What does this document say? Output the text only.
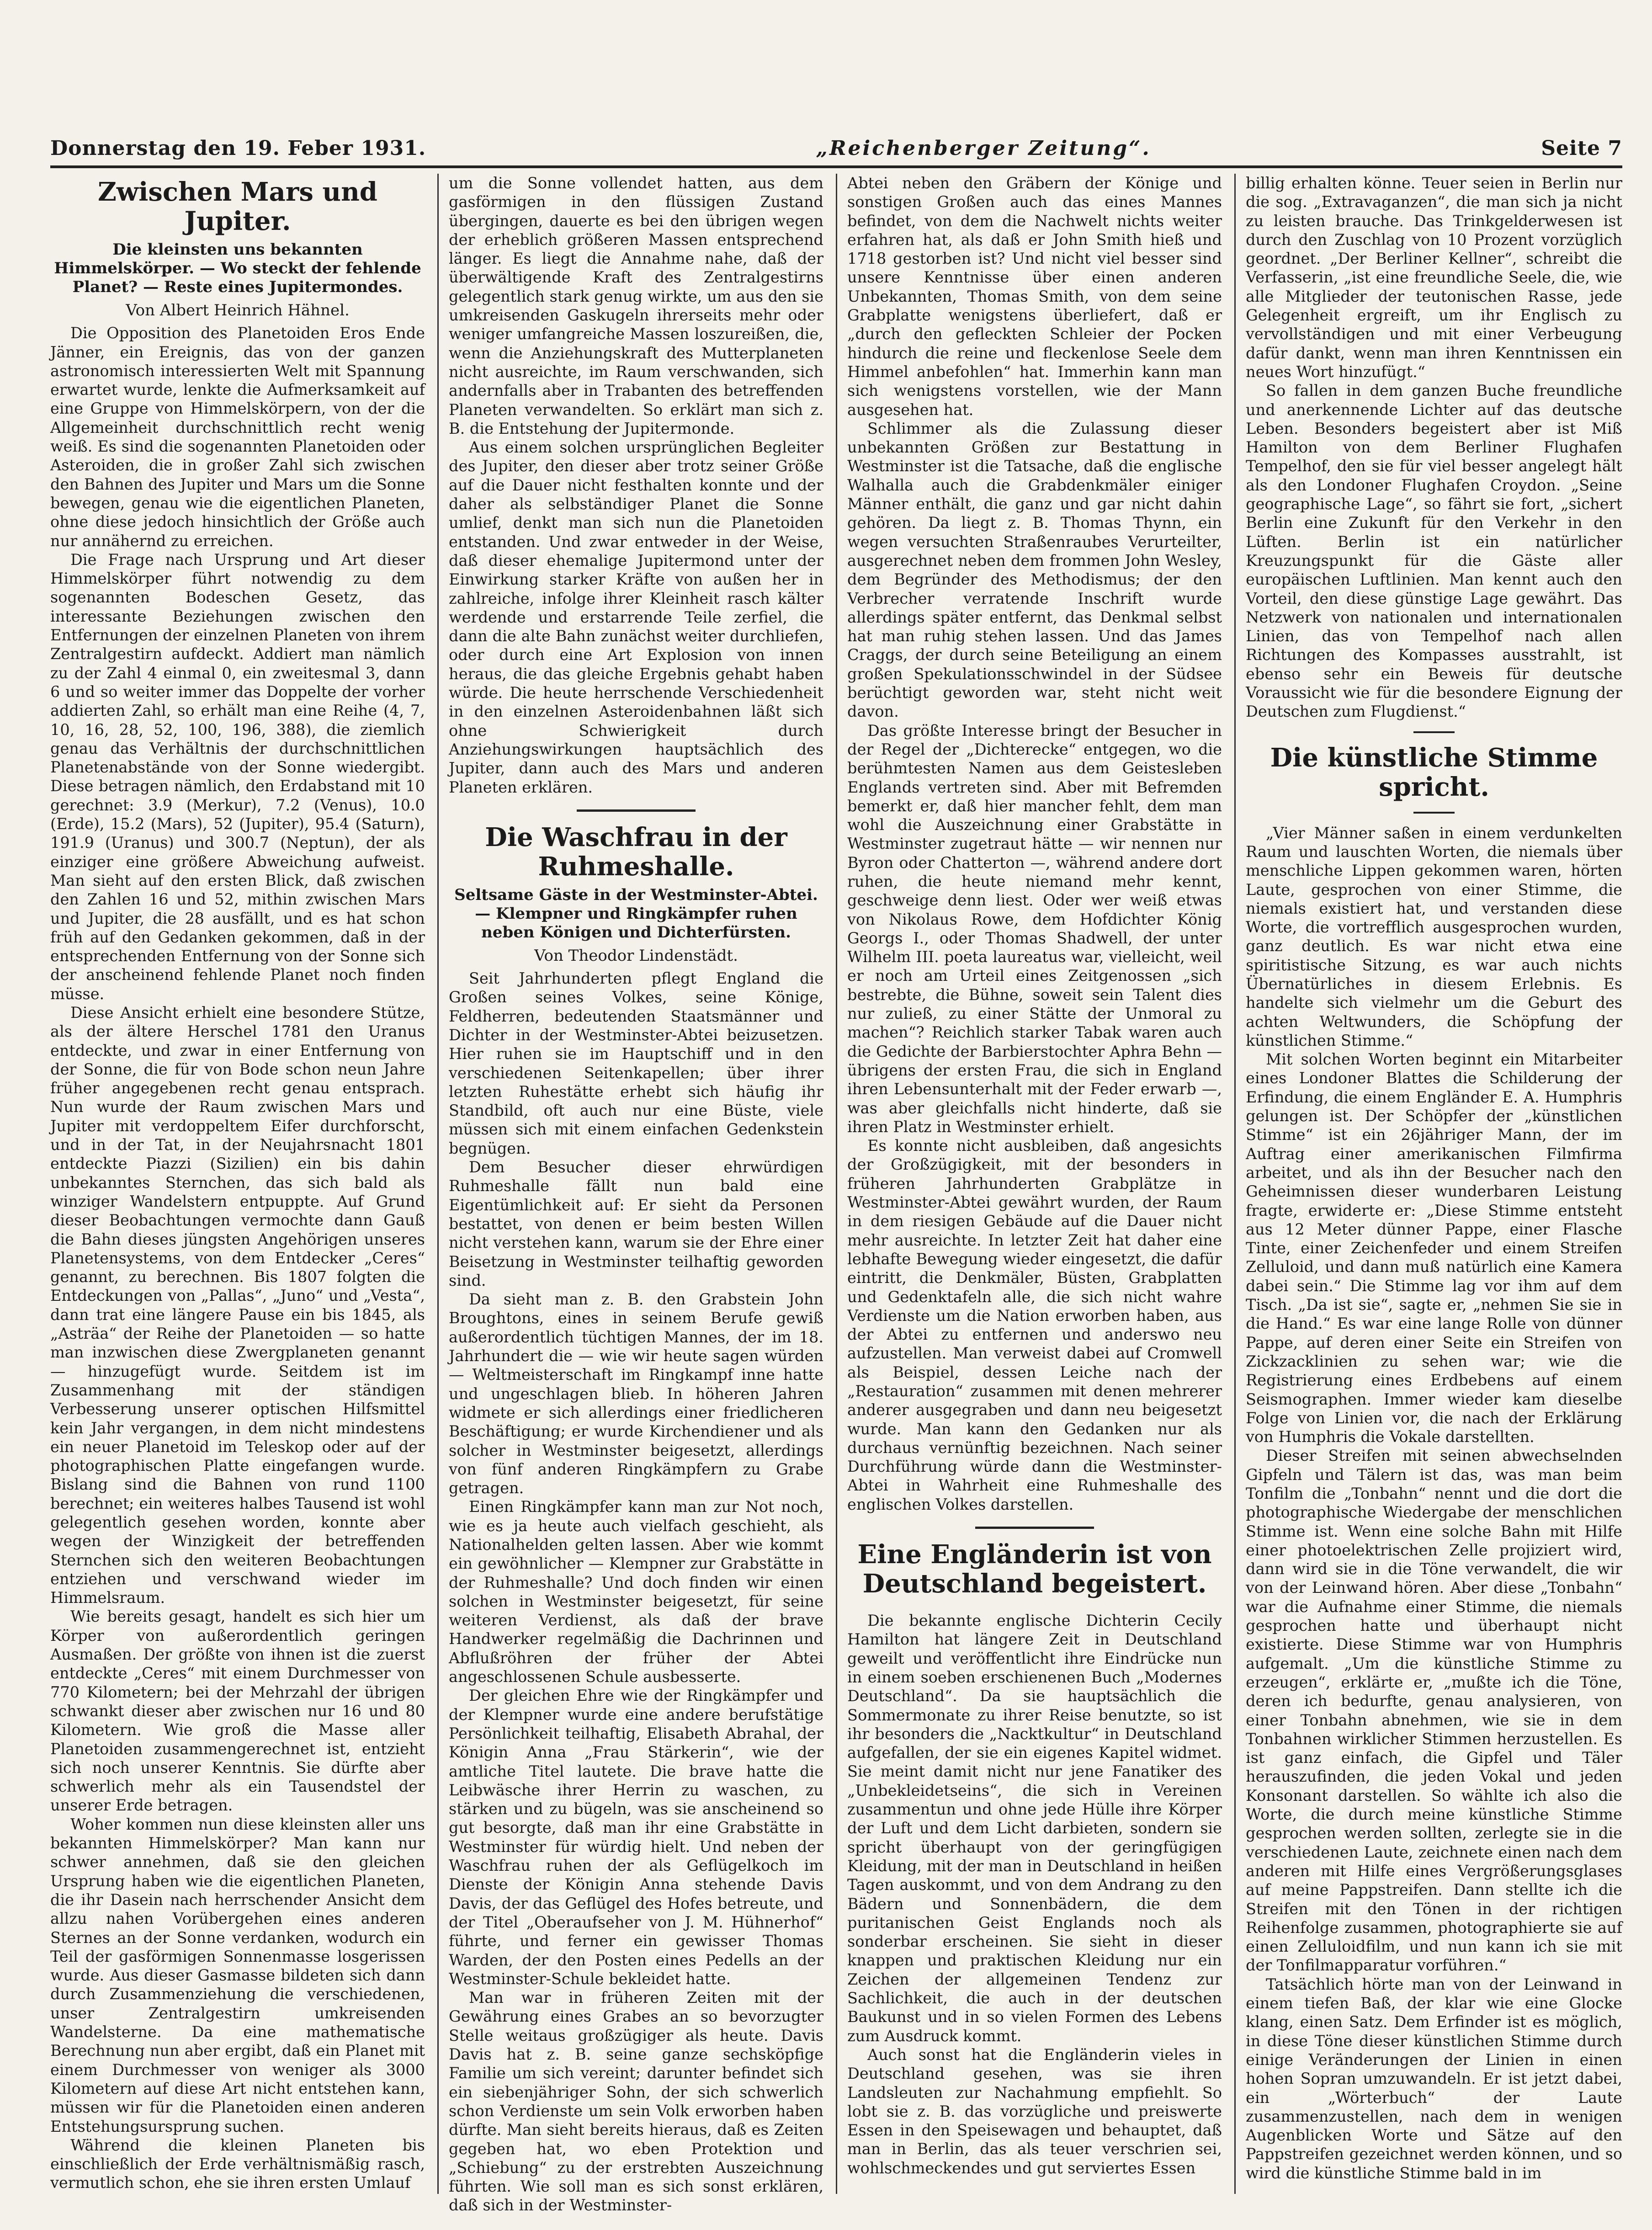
Donnerstag den 19. Feber 1931.	„Reichenberger Zeitung“.	Seite 7
Zwischen Mars und Jupiter.
Die kleinsten uns bekannten Himmelskörper. — Wo steckt der fehlende Planet? — Reste eines Jupitermondes.
Von Albert Heinrich Hähnel.

Die Opposition des Planetoiden Eros Ende Jänner, ein Ereignis, das von der ganzen astronomisch interessierten Welt mit Spannung erwartet wurde, lenkte die Aufmerksamkeit auf eine Gruppe von Himmelskörpern, von der die Allgemeinheit durchschnittlich recht wenig weiß. Es sind die sogenannten Planetoiden oder Asteroiden, die in großer Zahl sich zwischen den Bahnen des Jupiter und Mars um die Sonne bewegen, genau wie die eigentlichen Planeten, ohne diese jedoch hinsichtlich der Größe auch nur annähernd zu erreichen.

Die Frage nach Ursprung und Art dieser Himmelskörper führt notwendig zu dem sogenannten Bodeschen Gesetz, das interessante Beziehungen zwischen den Entfernungen der einzelnen Planeten von ihrem Zentralgestirn aufdeckt. Addiert man nämlich zu der Zahl 4 einmal 0, ein zweitesmal 3, dann 6 und so weiter immer das Doppelte der vorher addierten Zahl, so erhält man eine Reihe (4, 7, 10, 16, 28, 52, 100, 196, 388), die ziemlich genau das Verhältnis der durchschnittlichen Planetenabstände von der Sonne wiedergibt. Diese betragen nämlich, den Erdabstand mit 10 gerechnet: 3.9 (Merkur), 7.2 (Venus), 10.0 (Erde), 15.2 (Mars), 52 (Jupiter), 95.4 (Saturn), 191.9 (Uranus) und 300.7 (Neptun), der als einziger eine größere Abweichung aufweist. Man sieht auf den ersten Blick, daß zwischen den Zahlen 16 und 52, mithin zwischen Mars und Jupiter, die 28 ausfällt, und es hat schon früh auf den Gedanken gekommen, daß in der entsprechenden Entfernung von der Sonne sich der anscheinend fehlende Planet noch finden müsse.

Diese Ansicht erhielt eine besondere Stütze, als der ältere Herschel 1781 den Uranus entdeckte, und zwar in einer Entfernung von der Sonne, die für von Bode schon neun Jahre früher angegebenen recht genau entsprach. Nun wurde der Raum zwischen Mars und Jupiter mit verdoppeltem Eifer durchforscht, und in der Tat, in der Neujahrsnacht 1801 entdeckte Piazzi (Sizilien) ein bis dahin unbekanntes Sternchen, das sich bald als winziger Wandelstern entpuppte. Auf Grund dieser Beobachtungen vermochte dann Gauß die Bahn dieses jüngsten Angehörigen unseres Planetensystems, von dem Entdecker „Ceres“ genannt, zu berechnen. Bis 1807 folgten die Entdeckungen von „Pallas“, „Juno“ und „Vesta“, dann trat eine längere Pause ein bis 1845, als „Asträa“ der Reihe der Planetoiden — so hatte man inzwischen diese Zwergplaneten genannt — hinzugefügt wurde. Seitdem ist im Zusammenhang mit der ständigen Verbesserung unserer optischen Hilfsmittel kein Jahr vergangen, in dem nicht mindestens ein neuer Planetoid im Teleskop oder auf der photographischen Platte eingefangen wurde. Bislang sind die Bahnen von rund 1100 berechnet; ein weiteres halbes Tausend ist wohl gelegentlich gesehen worden, konnte aber wegen der Winzigkeit der betreffenden Sternchen sich den weiteren Beobachtungen entziehen und verschwand wieder im Himmelsraum.

Wie bereits gesagt, handelt es sich hier um Körper von außerordentlich geringen Ausmaßen. Der größte von ihnen ist die zuerst entdeckte „Ceres“ mit einem Durchmesser von 770 Kilometern; bei der Mehrzahl der übrigen schwankt dieser aber zwischen nur 16 und 80 Kilometern. Wie groß die Masse aller Planetoiden zusammengerechnet ist, entzieht sich noch unserer Kenntnis. Sie dürfte aber schwerlich mehr als ein Tausendstel der unserer Erde betragen.

Woher kommen nun diese kleinsten aller uns bekannten Himmelskörper? Man kann nur schwer annehmen, daß sie den gleichen Ursprung haben wie die eigentlichen Planeten, die ihr Dasein nach herrschender Ansicht dem allzu nahen Vorübergehen eines anderen Sternes an der Sonne verdanken, wodurch ein Teil der gasförmigen Sonnenmasse losgerissen wurde. Aus dieser Gasmasse bildeten sich dann durch Zusammenziehung die verschiedenen, unser Zentralgestirn umkreisenden Wandelsterne. Da eine mathematische Berechnung nun aber ergibt, daß ein Planet mit einem Durchmesser von weniger als 3000 Kilometern auf diese Art nicht entstehen kann, müssen wir für die Planetoiden einen anderen Entstehungsursprung suchen.

Während die kleinen Planeten bis einschließlich der Erde verhältnismäßig rasch, vermutlich schon, ehe sie ihren ersten Umlauf

um die Sonne vollendet hatten, aus dem gasförmigen in den flüssigen Zustand übergingen, dauerte es bei den übrigen wegen der erheblich größeren Massen entsprechend länger. Es liegt die Annahme nahe, daß der überwältigende Kraft des Zentralgestirns gelegentlich stark genug wirkte, um aus den sie umkreisenden Gaskugeln ihrerseits mehr oder weniger umfangreiche Massen loszureißen, die, wenn die Anziehungskraft des Mutterplaneten nicht ausreichte, im Raum verschwanden, sich andernfalls aber in Trabanten des betreffenden Planeten verwandelten. So erklärt man sich z. B. die Entstehung der Jupitermonde.

Aus einem solchen ursprünglichen Begleiter des Jupiter, den dieser aber trotz seiner Größe auf die Dauer nicht festhalten konnte und der daher als selbständiger Planet die Sonne umlief, denkt man sich nun die Planetoiden entstanden. Und zwar entweder in der Weise, daß dieser ehemalige Jupitermond unter der Einwirkung starker Kräfte von außen her in zahlreiche, infolge ihrer Kleinheit rasch kälter werdende und erstarrende Teile zerfiel, die dann die alte Bahn zunächst weiter durchliefen, oder durch eine Art Explosion von innen heraus, die das gleiche Ergebnis gehabt haben würde. Die heute herrschende Verschiedenheit in den einzelnen Asteroidenbahnen läßt sich ohne Schwierigkeit durch Anziehungswirkungen hauptsächlich des Jupiter, dann auch des Mars und anderen Planeten erklären.

Die Waschfrau in der Ruhmeshalle.
Seltsame Gäste in der Westminster-Abtei. — Klempner und Ringkämpfer ruhen neben Königen und Dichterfürsten.
Von Theodor Lindenstädt.

Seit Jahrhunderten pflegt England die Großen seines Volkes, seine Könige, Feldherren, bedeutenden Staatsmänner und Dichter in der Westminster-Abtei beizusetzen. Hier ruhen sie im Hauptschiff und in den verschiedenen Seitenkapellen; über ihrer letzten Ruhestätte erhebt sich häufig ihr Standbild, oft auch nur eine Büste, viele müssen sich mit einem einfachen Gedenkstein begnügen.

Dem Besucher dieser ehrwürdigen Ruhmeshalle fällt nun bald eine Eigentümlichkeit auf: Er sieht da Personen bestattet, von denen er beim besten Willen nicht verstehen kann, warum sie der Ehre einer Beisetzung in Westminster teilhaftig geworden sind.

Da sieht man z. B. den Grabstein John Broughtons, eines in seinem Berufe gewiß außerordentlich tüchtigen Mannes, der im 18. Jahrhundert die — wie wir heute sagen würden — Weltmeisterschaft im Ringkampf inne hatte und ungeschlagen blieb. In höheren Jahren widmete er sich allerdings einer friedlicheren Beschäftigung; er wurde Kirchendiener und als solcher in Westminster beigesetzt, allerdings von fünf anderen Ringkämpfern zu Grabe getragen.

Einen Ringkämpfer kann man zur Not noch, wie es ja heute auch vielfach geschieht, als Nationalhelden gelten lassen. Aber wie kommt ein gewöhnlicher — Klempner zur Grabstätte in der Ruhmeshalle? Und doch finden wir einen solchen in Westminster beigesetzt, für seine weiteren Verdienst, als daß der brave Handwerker regelmäßig die Dachrinnen und Abflußröhren der früher der Abtei angeschlossenen Schule ausbesserte.

Der gleichen Ehre wie der Ringkämpfer und der Klempner wurde eine andere berufstätige Persönlichkeit teilhaftig, Elisabeth Abrahal, der Königin Anna „Frau Stärkerin“, wie der amtliche Titel lautete. Die brave hatte die Leibwäsche ihrer Herrin zu waschen, zu stärken und zu bügeln, was sie anscheinend so gut besorgte, daß man ihr eine Grabstätte in Westminster für würdig hielt. Und neben der Waschfrau ruhen der als Geflügelkoch im Dienste der Königin Anna stehende Davis Davis, der das Geflügel des Hofes betreute, und der Titel „Oberaufseher von J. M. Hühnerhof“ führte, und ferner ein gewisser Thomas Warden, der den Posten eines Pedells an der Westminster-Schule bekleidet hatte.

Man war in früheren Zeiten mit der Gewährung eines Grabes an so bevorzugter Stelle weitaus großzügiger als heute. Davis Davis hat z. B. seine ganze sechsköpfige Familie um sich vereint; darunter befindet sich ein siebenjähriger Sohn, der sich schwerlich schon Verdienste um sein Volk erworben haben dürfte. Man sieht bereits hieraus, daß es Zeiten gegeben hat, wo eben Protektion und „Schiebung“ zu der erstrebten Auszeichnung führten. Wie soll man es sich sonst erklären, daß sich in der Westminster-

Abtei neben den Gräbern der Könige und sonstigen Großen auch das eines Mannes befindet, von dem die Nachwelt nichts weiter erfahren hat, als daß er John Smith hieß und 1718 gestorben ist? Und nicht viel besser sind unsere Kenntnisse über einen anderen Unbekannten, Thomas Smith, von dem seine Grabplatte wenigstens überliefert, daß er „durch den gefleckten Schleier der Pocken hindurch die reine und fleckenlose Seele dem Himmel anbefohlen“ hat. Immerhin kann man sich wenigstens vorstellen, wie der Mann ausgesehen hat.

Schlimmer als die Zulassung dieser unbekannten Größen zur Bestattung in Westminster ist die Tatsache, daß die englische Walhalla auch die Grabdenkmäler einiger Männer enthält, die ganz und gar nicht dahin gehören. Da liegt z. B. Thomas Thynn, ein wegen versuchten Straßenraubes Verurteilter, ausgerechnet neben dem frommen John Wesley, dem Begründer des Methodismus; der den Verbrecher verratende Inschrift wurde allerdings später entfernt, das Denkmal selbst hat man ruhig stehen lassen. Und das James Craggs, der durch seine Beteiligung an einem großen Spekulationsschwindel in der Südsee berüchtigt geworden war, steht nicht weit davon.

Das größte Interesse bringt der Besucher in der Regel der „Dichterecke“ entgegen, wo die berühmtesten Namen aus dem Geistesleben Englands vertreten sind. Aber mit Befremden bemerkt er, daß hier mancher fehlt, dem man wohl die Auszeichnung einer Grabstätte in Westminster zugetraut hätte — wir nennen nur Byron oder Chatterton —, während andere dort ruhen, die heute niemand mehr kennt, geschweige denn liest. Oder wer weiß etwas von Nikolaus Rowe, dem Hofdichter König Georgs I., oder Thomas Shadwell, der unter Wilhelm III. poeta laureatus war, vielleicht, weil er noch am Urteil eines Zeitgenossen „sich bestrebte, die Bühne, soweit sein Talent dies nur zuließ, zu einer Stätte der Unmoral zu machen“? Reichlich starker Tabak waren auch die Gedichte der Barbierstochter Aphra Behn — übrigens der ersten Frau, die sich in England ihren Lebensunterhalt mit der Feder erwarb —, was aber gleichfalls nicht hinderte, daß sie ihren Platz in Westminster erhielt.

Es konnte nicht ausbleiben, daß angesichts der Großzügigkeit, mit der besonders in früheren Jahrhunderten Grabplätze in Westminster-Abtei gewährt wurden, der Raum in dem riesigen Gebäude auf die Dauer nicht mehr ausreichte. In letzter Zeit hat daher eine lebhafte Bewegung wieder eingesetzt, die dafür eintritt, die Denkmäler, Büsten, Grabplatten und Gedenktafeln alle, die sich nicht wahre Verdienste um die Nation erworben haben, aus der Abtei zu entfernen und anderswo neu aufzustellen. Man verweist dabei auf Cromwell als Beispiel, dessen Leiche nach der „Restauration“ zusammen mit denen mehrerer anderer ausgegraben und dann neu beigesetzt wurde. Man kann den Gedanken nur als durchaus vernünftig bezeichnen. Nach seiner Durchführung würde dann die Westminster-Abtei in Wahrheit eine Ruhmeshalle des englischen Volkes darstellen.

Eine Engländerin ist von Deutschland begeistert.

Die bekannte englische Dichterin Cecily Hamilton hat längere Zeit in Deutschland geweilt und veröffentlicht ihre Eindrücke nun in einem soeben erschienenen Buch „Modernes Deutschland“. Da sie hauptsächlich die Sommermonate zu ihrer Reise benutzte, so ist ihr besonders die „Nacktkultur“ in Deutschland aufgefallen, der sie ein eigenes Kapitel widmet. Sie meint damit nicht nur jene Fanatiker des „Unbekleidetseins“, die sich in Vereinen zusammentun und ohne jede Hülle ihre Körper der Luft und dem Licht darbieten, sondern sie spricht überhaupt von der geringfügigen Kleidung, mit der man in Deutschland in heißen Tagen auskommt, und von dem Andrang zu den Bädern und Sonnenbädern, die dem puritanischen Geist Englands noch als sonderbar erscheinen. Sie sieht in dieser knappen und praktischen Kleidung nur ein Zeichen der allgemeinen Tendenz zur Sachlichkeit, die auch in der deutschen Baukunst und in so vielen Formen des Lebens zum Ausdruck kommt.

Auch sonst hat die Engländerin vieles in Deutschland gesehen, was sie ihren Landsleuten zur Nachahmung empfiehlt. So lobt sie z. B. das vorzügliche und preiswerte Essen in den Speisewagen und behauptet, daß man in Berlin, das als teuer verschrien sei, wohlschmeckendes und gut serviertes Essen

billig erhalten könne. Teuer seien in Berlin nur die sog. „Extravaganzen“, die man sich ja nicht zu leisten brauche. Das Trinkgelderwesen ist durch den Zuschlag von 10 Prozent vorzüglich geordnet. „Der Berliner Kellner“, schreibt die Verfasserin, „ist eine freundliche Seele, die, wie alle Mitglieder der teutonischen Rasse, jede Gelegenheit ergreift, um ihr Englisch zu vervollständigen und mit einer Verbeugung dafür dankt, wenn man ihren Kenntnissen ein neues Wort hinzufügt.“

So fallen in dem ganzen Buche freundliche und anerkennende Lichter auf das deutsche Leben. Besonders begeistert aber ist Miß Hamilton von dem Berliner Flughafen Tempelhof, den sie für viel besser angelegt hält als den Londoner Flughafen Croydon. „Seine geographische Lage“, so fährt sie fort, „sichert Berlin eine Zukunft für den Verkehr in den Lüften. Berlin ist ein natürlicher Kreuzungspunkt für die Gäste aller europäischen Luftlinien. Man kennt auch den Vorteil, den diese günstige Lage gewährt. Das Netzwerk von nationalen und internationalen Linien, das von Tempelhof nach allen Richtungen des Kompasses ausstrahlt, ist ebenso sehr ein Beweis für deutsche Voraussicht wie für die besondere Eignung der Deutschen zum Flugdienst.“

Die künstliche Stimme spricht.

„Vier Männer saßen in einem verdunkelten Raum und lauschten Worten, die niemals über menschliche Lippen gekommen waren, hörten Laute, gesprochen von einer Stimme, die niemals existiert hat, und verstanden diese Worte, die vortrefflich ausgesprochen wurden, ganz deutlich. Es war nicht etwa eine spiritistische Sitzung, es war auch nichts Übernatürliches in diesem Erlebnis. Es handelte sich vielmehr um die Geburt des achten Weltwunders, die Schöpfung der künstlichen Stimme.“

Mit solchen Worten beginnt ein Mitarbeiter eines Londoner Blattes die Schilderung der Erfindung, die einem Engländer E. A. Humphris gelungen ist. Der Schöpfer der „künstlichen Stimme“ ist ein 26jähriger Mann, der im Auftrag einer amerikanischen Filmfirma arbeitet, und als ihn der Besucher nach den Geheimnissen dieser wunderbaren Leistung fragte, erwiderte er: „Diese Stimme entsteht aus 12 Meter dünner Pappe, einer Flasche Tinte, einer Zeichenfeder und einem Streifen Zelluloid, und dann muß natürlich eine Kamera dabei sein.“ Die Stimme lag vor ihm auf dem Tisch. „Da ist sie“, sagte er, „nehmen Sie sie in die Hand.“ Es war eine lange Rolle von dünner Pappe, auf deren einer Seite ein Streifen von Zickzacklinien zu sehen war; wie die Registrierung eines Erdbebens auf einem Seismographen. Immer wieder kam dieselbe Folge von Linien vor, die nach der Erklärung von Humphris die Vokale darstellten.

Dieser Streifen mit seinen abwechselnden Gipfeln und Tälern ist das, was man beim Tonfilm die „Tonbahn“ nennt und die dort die photographische Wiedergabe der menschlichen Stimme ist. Wenn eine solche Bahn mit Hilfe einer photoelektrischen Zelle projiziert wird, dann wird sie in die Töne verwandelt, die wir von der Leinwand hören. Aber diese „Tonbahn“ war die Aufnahme einer Stimme, die niemals gesprochen hatte und überhaupt nicht existierte. Diese Stimme war von Humphris aufgemalt. „Um die künstliche Stimme zu erzeugen“, erklärte er, „mußte ich die Töne, deren ich bedurfte, genau analysieren, von einer Tonbahn abnehmen, wie sie in dem Tonbahnen wirklicher Stimmen herzustellen. Es ist ganz einfach, die Gipfel und Täler herauszufinden, die jeden Vokal und jeden Konsonant darstellen. So wählte ich also die Worte, die durch meine künstliche Stimme gesprochen werden sollten, zerlegte sie in die verschiedenen Laute, zeichnete einen nach dem anderen mit Hilfe eines Vergrößerungsglases auf meine Pappstreifen. Dann stellte ich die Streifen mit den Tönen in der richtigen Reihenfolge zusammen, photographierte sie auf einen Zelluloidfilm, und nun kann ich sie mit der Tonfilmapparatur vorführen.“

Tatsächlich hörte man von der Leinwand in einem tiefen Baß, der klar wie eine Glocke klang, einen Satz. Dem Erfinder ist es möglich, in diese Töne dieser künstlichen Stimme durch einige Veränderungen der Linien in einen hohen Sopran umzuwandeln. Er ist jetzt dabei, ein „Wörterbuch“ der Laute zusammenzustellen, nach dem in wenigen Augenblicken Worte und Sätze auf den Pappstreifen gezeichnet werden können, und so wird die künstliche Stimme bald in im
